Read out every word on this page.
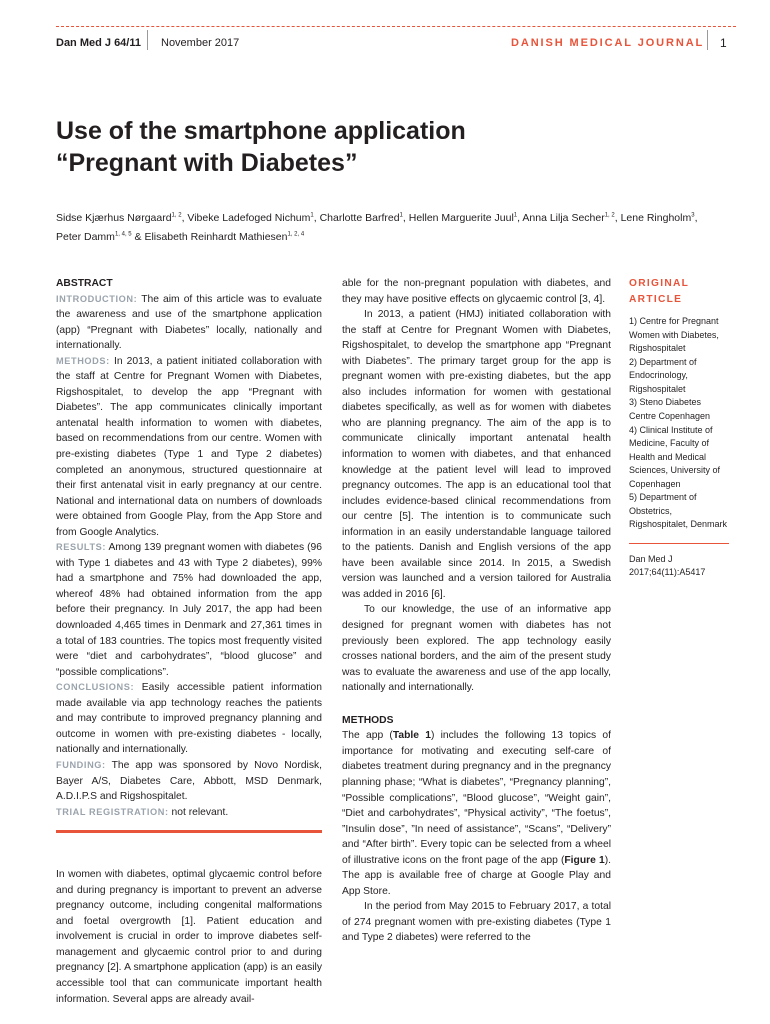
Dan Med J 64/11 November 2017	DANISH MEDICAL JOURNAL 1
Use of the smartphone application
“Pregnant with Diabetes”
Sidse Kjærhus Nørgaard$^{1, 2}$, Vibeke Ladefoged Nichum$^1$, Charlotte Barfred$^1$, Hellen Marguerite Juul$^1$, Anna Lilja Secher$^{1, 2}$, Lene Ringholm$^3$,
Peter Damm$^{1, 4, 5}$ & Elisabeth Reinhardt Mathiesen$^{1, 2, 4}$
ABSTRACT

INTRODUCTION: The aim of this article was to evaluate the awareness and use of the smartphone application (app) “Pregnant with Diabetes” locally, nationally and internationally.

METHODS: In 2013, a patient initiated collaboration with the staff at Centre for Pregnant Women with Diabetes, Rigshospitalet, to develop the app “Pregnant with Diabetes”. The app communicates clinically important antenatal health information to women with diabetes, based on recommendations from our centre. Women with pre-existing diabetes (Type 1 and Type 2 diabetes) completed an anonymous, structured questionnaire at their first antenatal visit in early pregnancy at our centre. National and international data on numbers of downloads were obtained from Google Play, from the App Store and from Google Analytics.

RESULTS: Among 139 pregnant women with diabetes (96 with Type 1 diabetes and 43 with Type 2 diabetes), 99% had a smartphone and 75% had downloaded the app, whereof 48% had obtained information from the app before their pregnancy. In July 2017, the app had been downloaded 4,465 times in Denmark and 27,361 times in a total of 183 countries. The topics most frequently visited were “diet and carbohydrates”, “blood glucose” and “possible complications”.

CONCLUSIONS: Easily accessible patient information made available via app technology reaches the patients and may contribute to improved pregnancy planning and outcome in women with pre-existing diabetes - locally, nationally and internationally.

FUNDING: The app was sponsored by Novo Nordisk, Bayer A/S, Diabetes Care, Abbott, MSD Denmark, A.D.I.P.S and Rigshospitalet.

TRIAL REGISTRATION: not relevant.

In women with diabetes, optimal glycaemic control before and during pregnancy is important to prevent an adverse pregnancy outcome, including congenital malformations and foetal overgrowth [1]. Patient education and involvement is crucial in order to improve diabetes self-management and glycaemic control prior to and during pregnancy [2]. A smartphone application (app) is an easily accessible tool that can communicate important health information. Several apps are already avail-

able for the non-pregnant population with diabetes, and they may have positive effects on glycaemic control [3, 4].

In 2013, a patient (HMJ) initiated collaboration with the staff at Centre for Pregnant Women with Diabetes, Rigshospitalet, to develop the smartphone app “Pregnant with Diabetes”. The primary target group for the app is pregnant women with pre-existing diabetes, but the app also includes information for women with gestational diabetes specifically, as well as for women with diabetes who are planning pregnancy. The aim of the app is to communicate clinically important antenatal health information to women with diabetes, and that enhanced knowledge at the patient level will lead to improved pregnancy outcomes. The app is an educational tool that includes evidence-based clinical recommendations from our centre [5]. The intention is to communicate such information in an easily understandable language tailored to the patients. Danish and English versions of the app have been available since 2014. In 2015, a Swedish version was launched and a version tailored for Australia was added in 2016 [6].

To our knowledge, the use of an informative app designed for pregnant women with diabetes has not previously been explored. The app technology easily crosses national borders, and the aim of the present study was to evaluate the awareness and use of the app locally, nationally and internationally.

METHODS

The app (Table 1) includes the following 13 topics of importance for motivating and executing self-care of diabetes treatment during pregnancy and in the pregnancy planning phase; “What is diabetes”, “Pregnancy planning”, “Possible complications”, “Blood glucose”, “Weight gain”, “Diet and carbohydrates”, “Physical activity”, “The foetus”, ”Insulin dose”, ”In need of assistance”, “Scans”, “Delivery” and “After birth”. Every topic can be selected from a wheel of illustrative icons on the front page of the app (Figure 1). The app is available free of charge at Google Play and App Store.

In the period from May 2015 to February 2017, a total of 274 pregnant women with pre-existing diabetes (Type 1 and Type 2 diabetes) were referred to the

ORIGINAL
ARTICLE

1) Centre for Pregnant Women with Diabetes, Rigshospitalet

2) Department of Endocrinology, Rigshospitalet

3) Steno Diabetes Centre Copenhagen

4) Clinical Institute of Medicine, Faculty of Health and Medical Sciences, University of Copenhagen

5) Department of Obstetrics, Rigshospitalet, Denmark

Dan Med J
2017;64(11):A5417
